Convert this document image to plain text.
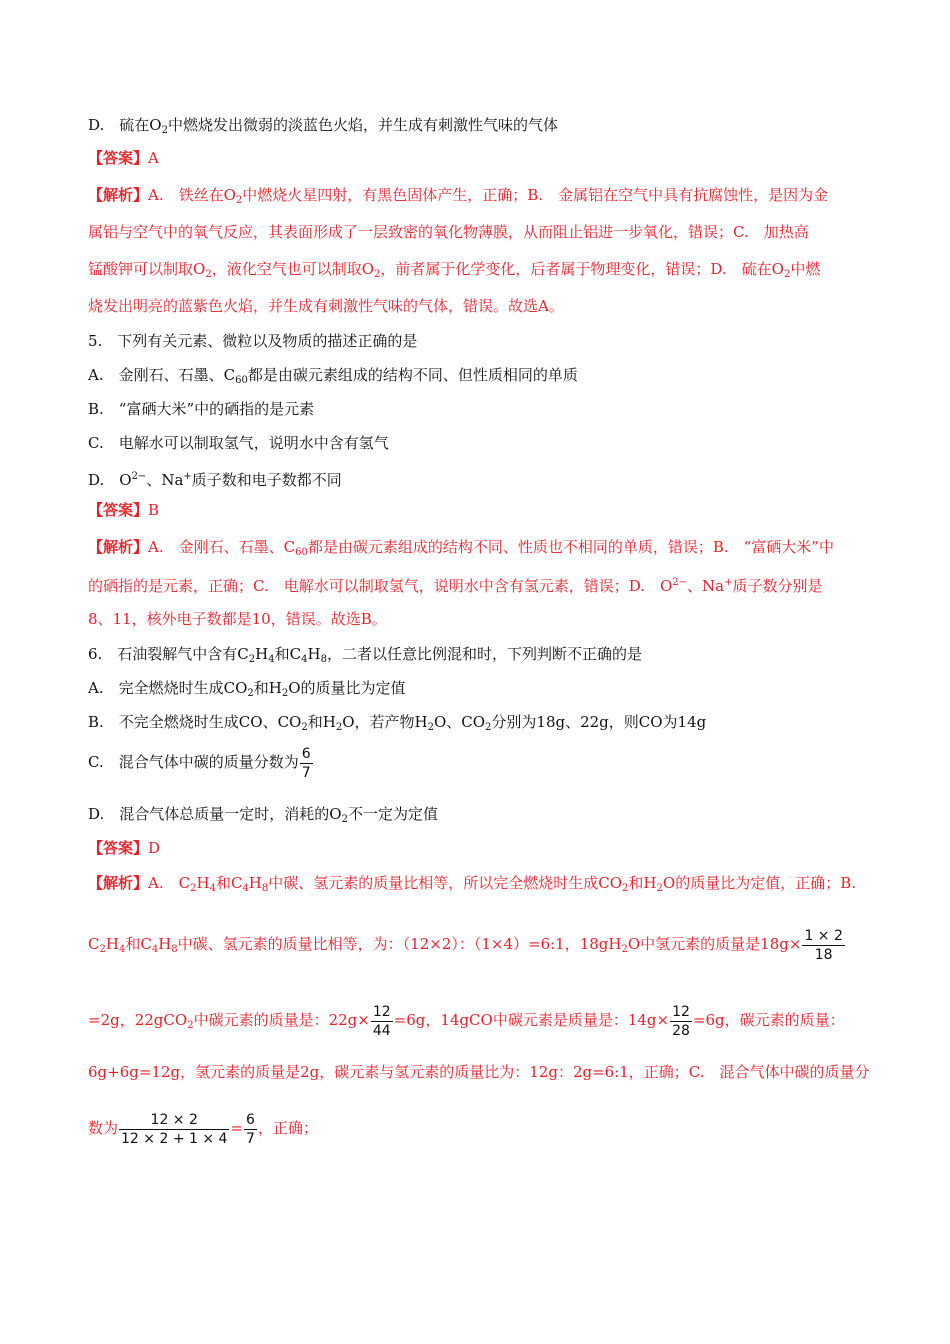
D.　硫在$O_2$中燃烧发出微弱的淡蓝色火焰，并生成有刺激性气味的气体
【答案】A
【解析】A.　铁丝在$O_2$中燃烧火星四射，有黑色固体产生，正确；B.　金属铝在空气中具有抗腐蚀性，是因为金
属铝与空气中的氧气反应，其表面形成了一层致密的氧化物薄膜，从而阻止铝进一步氧化，错误；C.　加热高
锰酸钾可以制取$O_2$，液化空气也可以制取$O_2$，前者属于化学变化，后者属于物理变化，错误；D.　硫在$O_2$中燃
烧发出明亮的蓝紫色火焰，并生成有刺激性气味的气体，错误。故选A。
5.　下列有关元素、微粒以及物质的描述正确的是
A.　金刚石、石墨、$C_{60}$都是由碳元素组成的结构不同、但性质相同的单质
B.　“富硒大米”中的硒指的是元素
C.　电解水可以制取氢气，说明水中含有氢气
D.　$O^{2-}$、Na+质子数和电子数都不同
【答案】B
【解析】A.　金刚石、石墨、$C_{60}$都是由碳元素组成的结构不同、性质也不相同的单质，错误；B.　“富硒大米”中
的硒指的是元素，正确；C.　电解水可以制取氢气，说明水中含有氢元素，错误；D.　$O^{2-}$、Na+质子数分别是
8、11，核外电子数都是10，错误。故选B。
6.　石油裂解气中含有$C_2H_4$和$C_4H_8$，二者以任意比例混和时，下列判断不正确的是
A.　完全燃烧时生成$CO_2$和$H_2O$的质量比为定值
B.　不完全燃烧时生成CO、$CO_2$和$H_2O$，若产物$H_2O$、$CO_2$分别为18g、22g，则CO为14g
C.　混合气体中碳的质量分数为 $\frac{6}{7}$
D.　混合气体总质量一定时，消耗的$O_2$不一定为定值
【答案】D
【解析】A.　$C_2H_4$和$C_4H_8$中碳、氢元素的质量比相等，所以完全燃烧时生成$CO_2$和$H_2O$的质量比为定值，正确；B.
$C_2H_4$和$C_4H_8$中碳、氢元素的质量比相等，为：（12×2）：（1×4）=6:1，$18gH_2O$中氢元素的质量是$18g\times \frac{1 \times 2}{18}$
=2g，22gCO$_2$中碳元素的质量是：$22g\times \frac{12}{44} =6g$，14gCO中碳元素是质量是：$14g\times \frac{12}{28} =6g$，碳元素的质量：
6g+6g=12g，氢元素的质量是2g，碳元素与氢元素的质量比为：12g：2g=6:1，正确；C.　混合气体中碳的质量分
数为 $\frac{12 \times 2}{12 \times 2 + 1 \times 4} = \frac{6}{7}$ ，正确；
